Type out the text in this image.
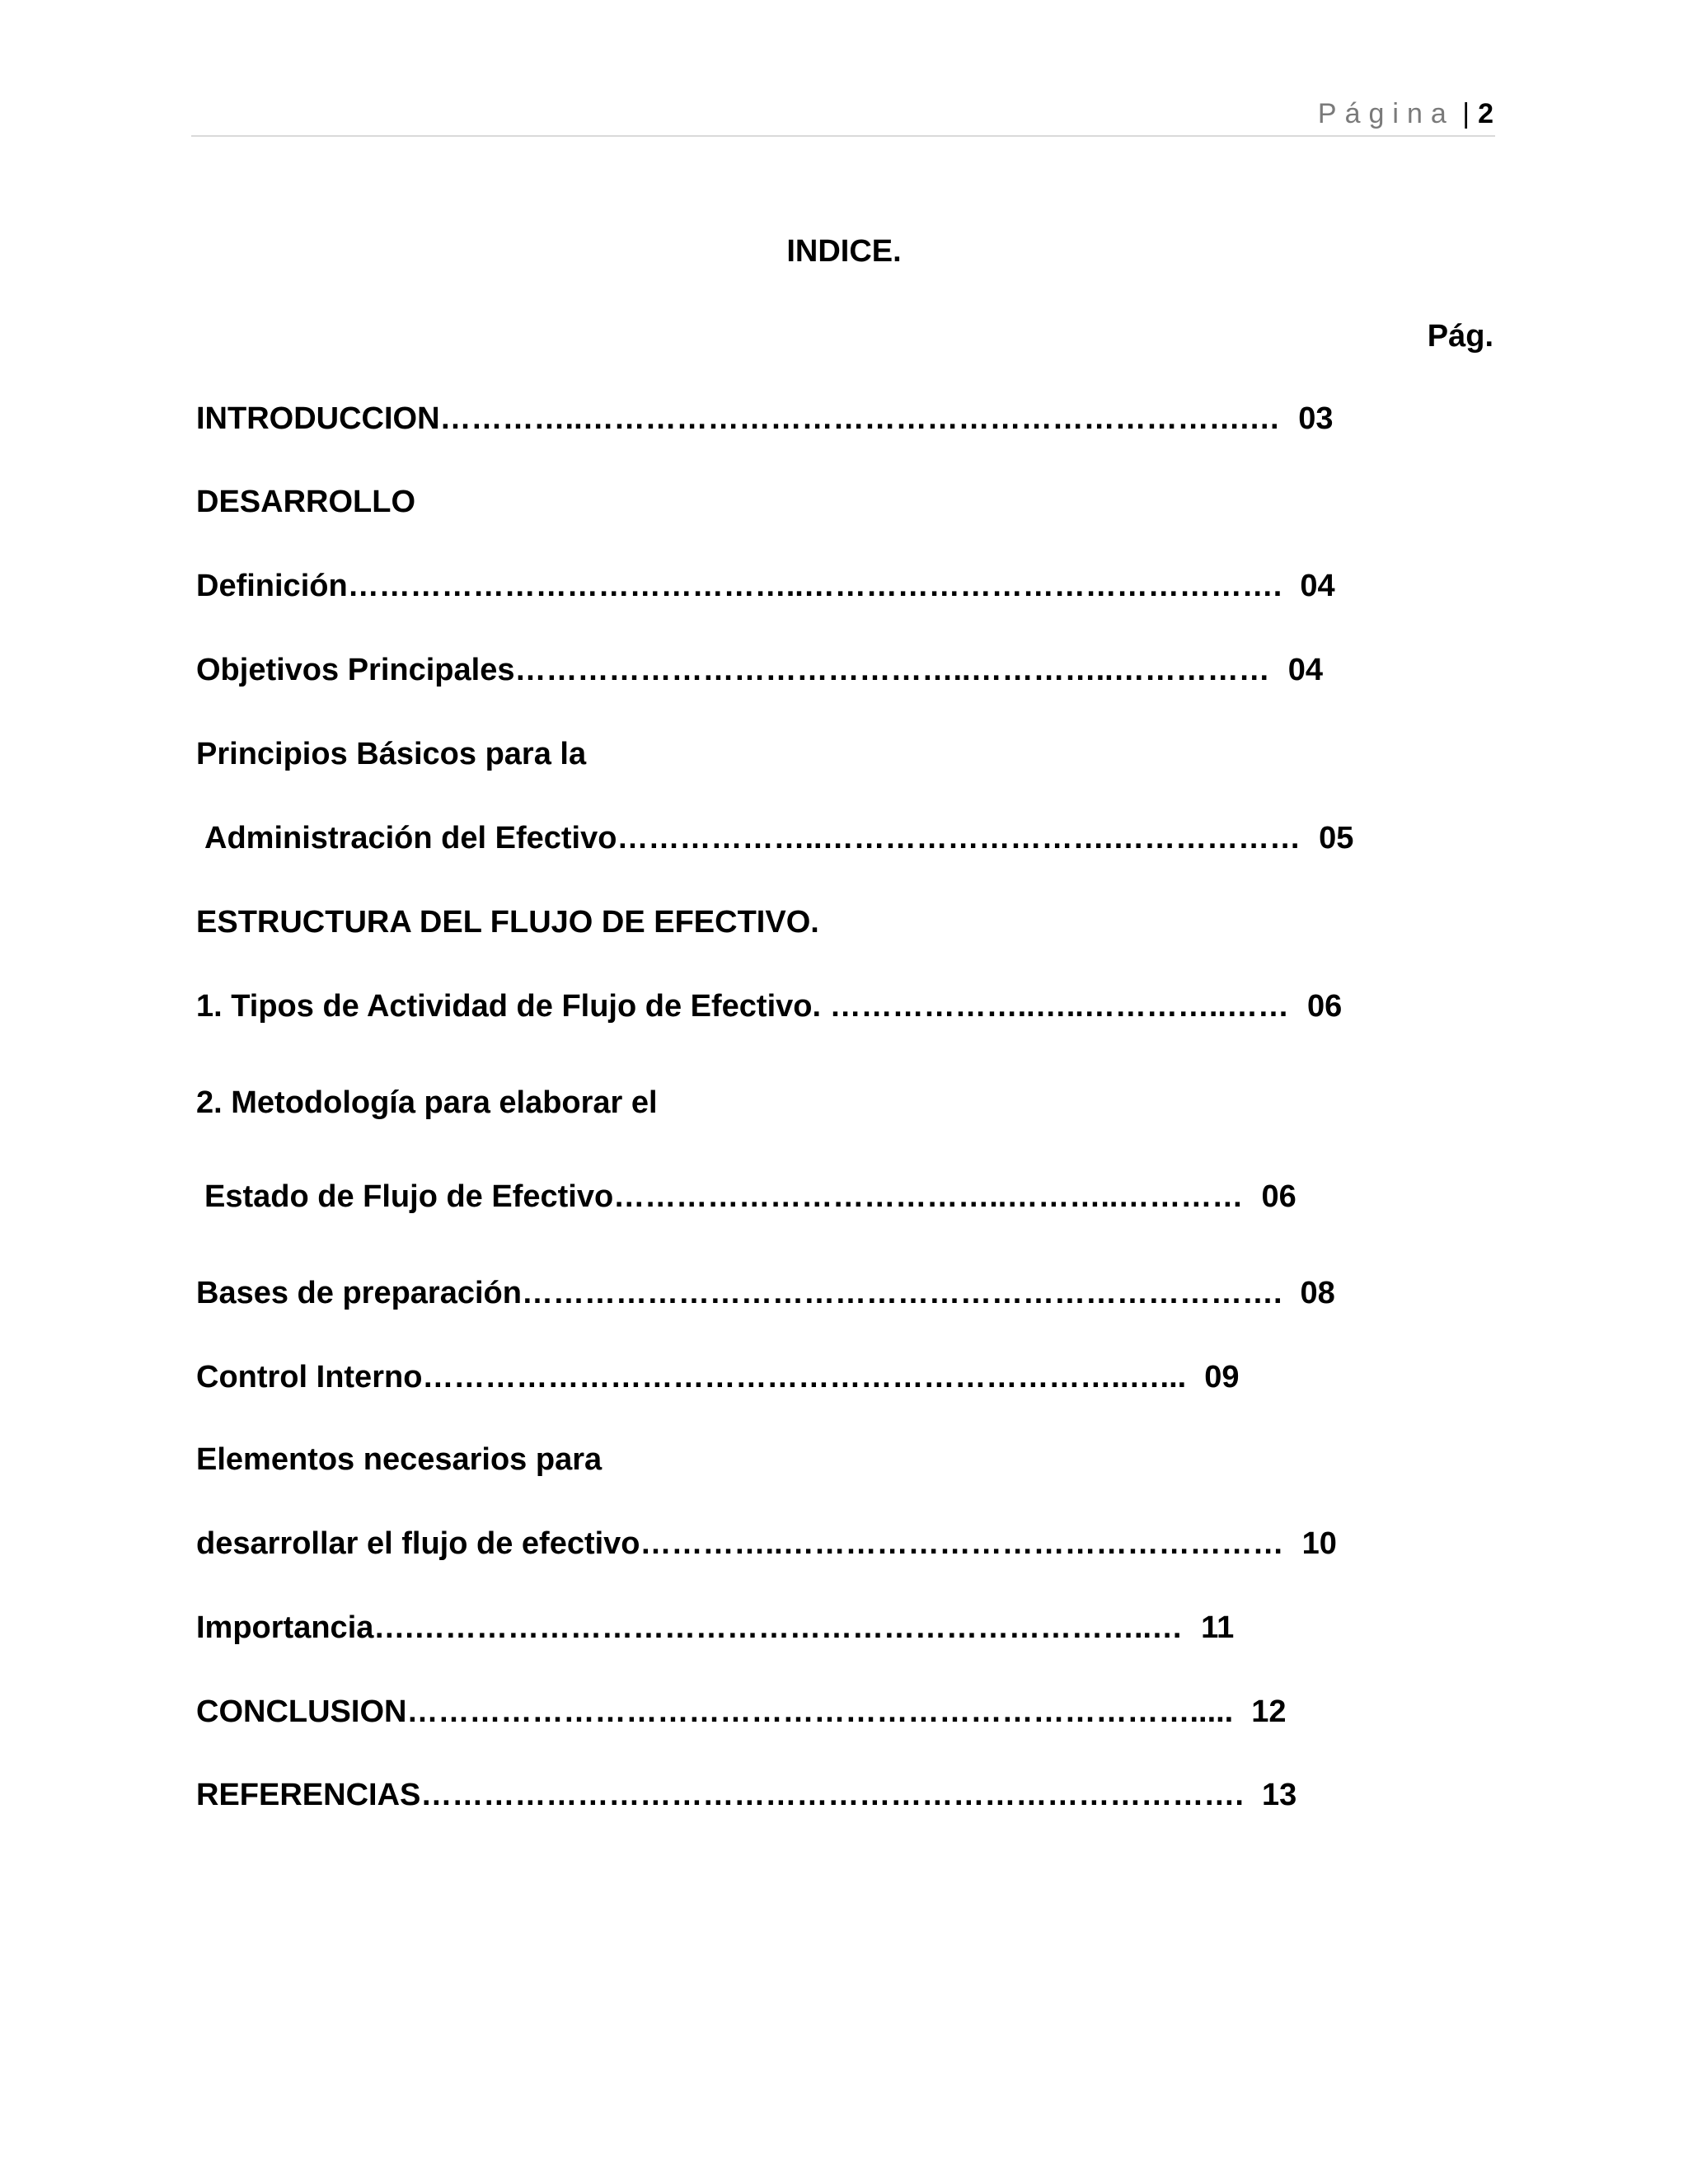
Página | 2
INDICE.
Pág.
INTRODUCCION…………..……………………………………………………….… 03
DESARROLLO
Definición……………………………………..………………………………………. 04
Objetivos Principales……………………………………..…………..…………… 04
Principios Básicos para la
Administración del Efectivo………………..……………………….……………… 05
ESTRUCTURA DEL FLUJO DE EFECTIVO.
1. Tipos de Actividad de Flujo de Efectivo. ………………..…..…………..…… 06
2. Metodología para elaborar el
Estado de Flujo de Efectivo………………………………..………..………… 06
Bases de preparación………………………………………………………………. 08
Control Interno…………………………………………………………..…... 09
Elementos necesarios para
desarrollar el flujo de efectivo…………..………………………………………… 10
Importancia….……………………………………………………………..… 11
CONCLUSION…………………………………………………………………..... 12
REFERENCIAS……………………………………………………………………. 13
